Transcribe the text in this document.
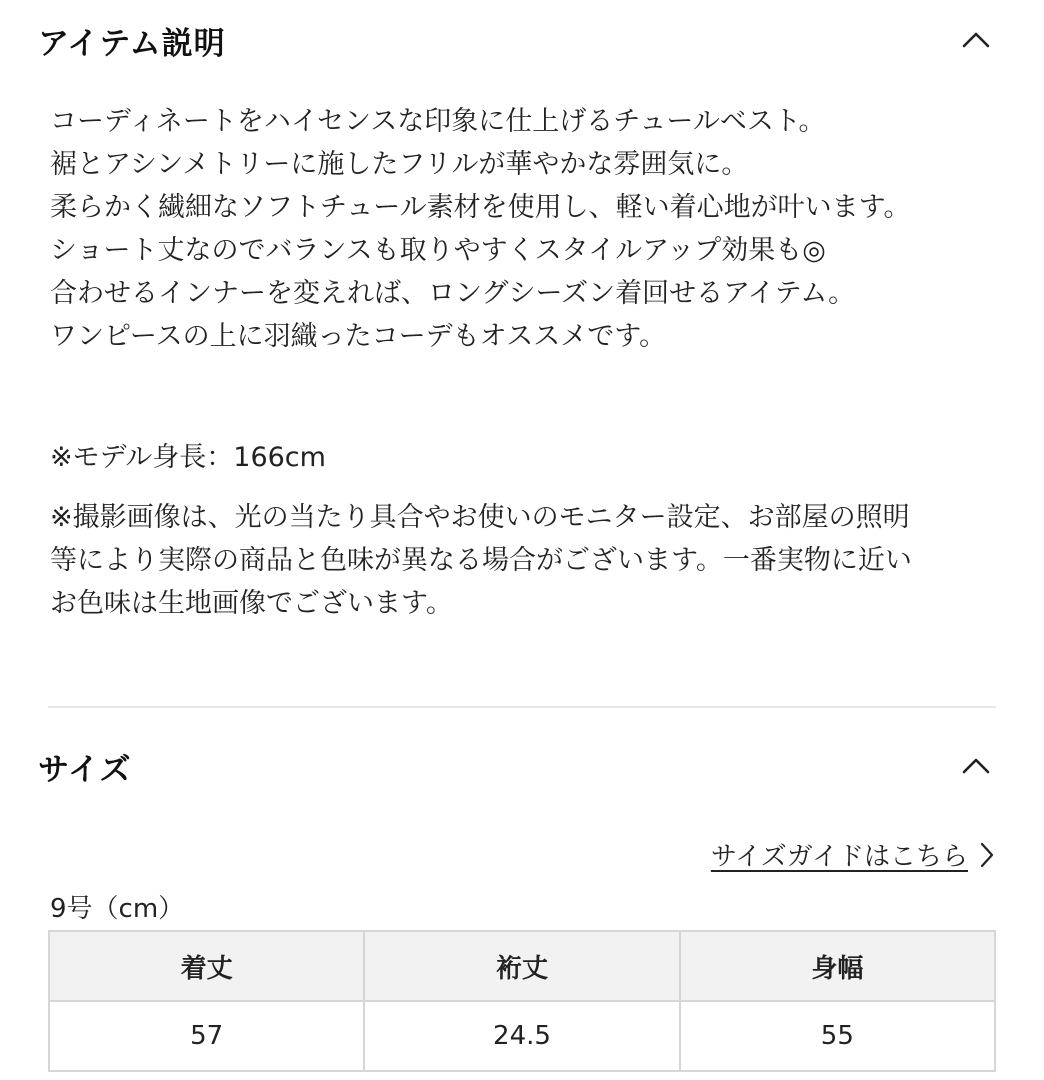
アイテム説明
コーディネートをハイセンスな印象に仕上げるチュールベスト。
裾とアシンメトリーに施したフリルが華やかな雰囲気に。
柔らかく繊細なソフトチュール素材を使用し、軽い着心地が叶います。
ショート丈なのでバランスも取りやすくスタイルアップ効果も◎
合わせるインナーを変えれば、ロングシーズン着回せるアイテム。
ワンピースの上に羽織ったコーデもオススメです。
※モデル身長：166cm
※撮影画像は、光の当たり具合やお使いのモニター設定、お部屋の照明
等により実際の商品と色味が異なる場合がございます。一番実物に近い
お色味は生地画像でございます。
サイズ
サイズガイドはこちら
9号（cm）
着丈	裄丈	身幅
57	24.5	55
